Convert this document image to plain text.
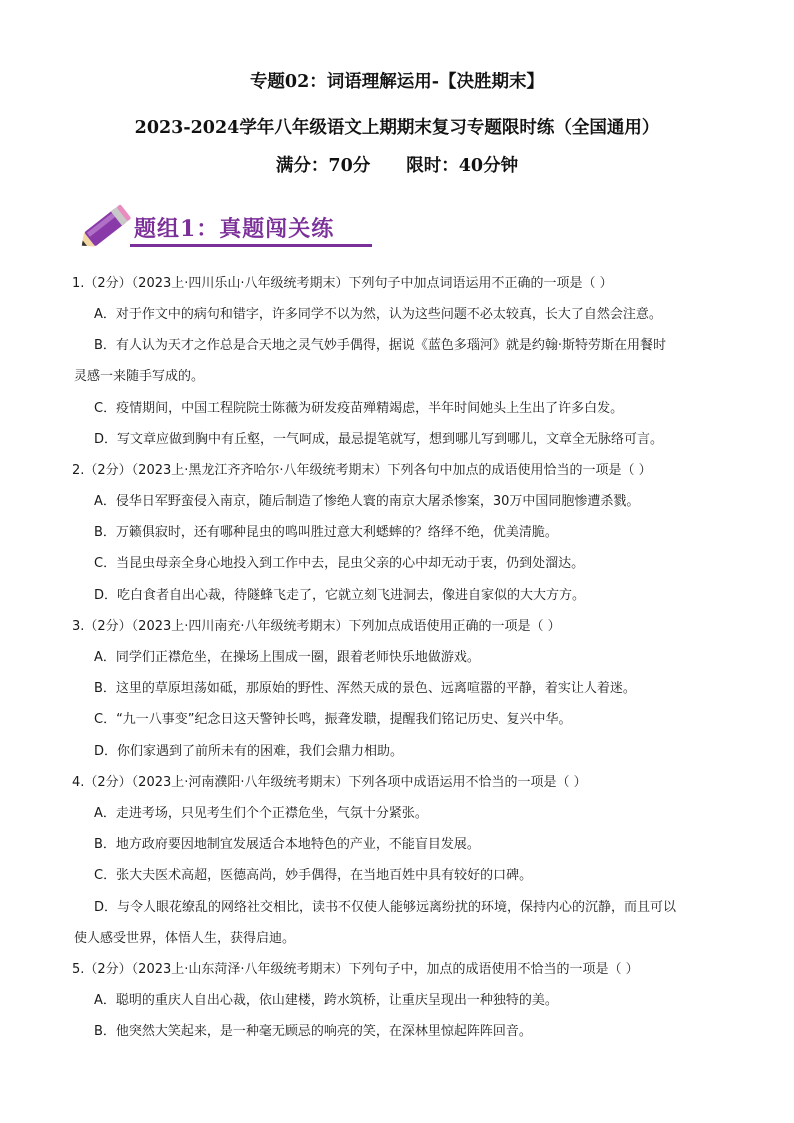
专题02：词语理解运用-【决胜期末】
2023-2024学年八年级语文上期期末复习专题限时练（全国通用）
满分：70分 限时：40分钟
题组1：真题闯关练
1.（2分）（2023上·四川乐山·八年级统考期末）下列句子中加点词语运用不正确的一项是（ ）
A．对于作文中的病句和错字，许多同学不以为然，认为这些问题不必太较真，长大了自然会注意。
B．有人认为天才之作总是合天地之灵气妙手偶得，据说《蓝色多瑙河》就是约翰·斯特劳斯在用餐时
灵感一来随手写成的。
C．疫情期间，中国工程院院士陈薇为研发疫苗殚精竭虑，半年时间她头上生出了许多白发。
D．写文章应做到胸中有丘壑，一气呵成，最忌提笔就写，想到哪儿写到哪儿，文章全无脉络可言。
2.（2分）（2023上·黑龙江齐齐哈尔·八年级统考期末）下列各句中加点的成语使用恰当的一项是（ ）
A．侵华日军野蛮侵入南京，随后制造了惨绝人寰的南京大屠杀惨案，30万中国同胞惨遭杀戮。
B．万籁俱寂时，还有哪种昆虫的鸣叫胜过意大利蟋蟀的？络绎不绝，优美清脆。
C．当昆虫母亲全身心地投入到工作中去，昆虫父亲的心中却无动于衷，仍到处溜达。
D．吃白食者自出心裁，待隧蜂飞走了，它就立刻飞进洞去，像进自家似的大大方方。
3.（2分）（2023上·四川南充·八年级统考期末）下列加点成语使用正确的一项是（ ）
A．同学们正襟危坐，在操场上围成一圈，跟着老师快乐地做游戏。
B．这里的草原坦荡如砥，那原始的野性、浑然天成的景色、远离喧嚣的平静，着实让人着迷。
C．“九一八事变”纪念日这天警钟长鸣，振聋发聩，提醒我们铭记历史、复兴中华。
D．你们家遇到了前所未有的困难，我们会鼎力相助。
4.（2分）（2023上·河南濮阳·八年级统考期末）下列各项中成语运用不恰当的一项是（ ）
A．走进考场，只见考生们个个正襟危坐，气氛十分紧张。
B．地方政府要因地制宜发展适合本地特色的产业，不能盲目发展。
C．张大夫医术高超，医德高尚，妙手偶得，在当地百姓中具有较好的口碑。
D．与令人眼花缭乱的网络社交相比，读书不仅使人能够远离纷扰的环境，保持内心的沉静，而且可以
使人感受世界，体悟人生，获得启迪。
5.（2分）（2023上·山东菏泽·八年级统考期末）下列句子中，加点的成语使用不恰当的一项是（ ）
A．聪明的重庆人自出心裁，依山建楼，跨水筑桥，让重庆呈现出一种独特的美。
B．他突然大笑起来，是一种毫无顾忌的响亮的笑，在深林里惊起阵阵回音。
